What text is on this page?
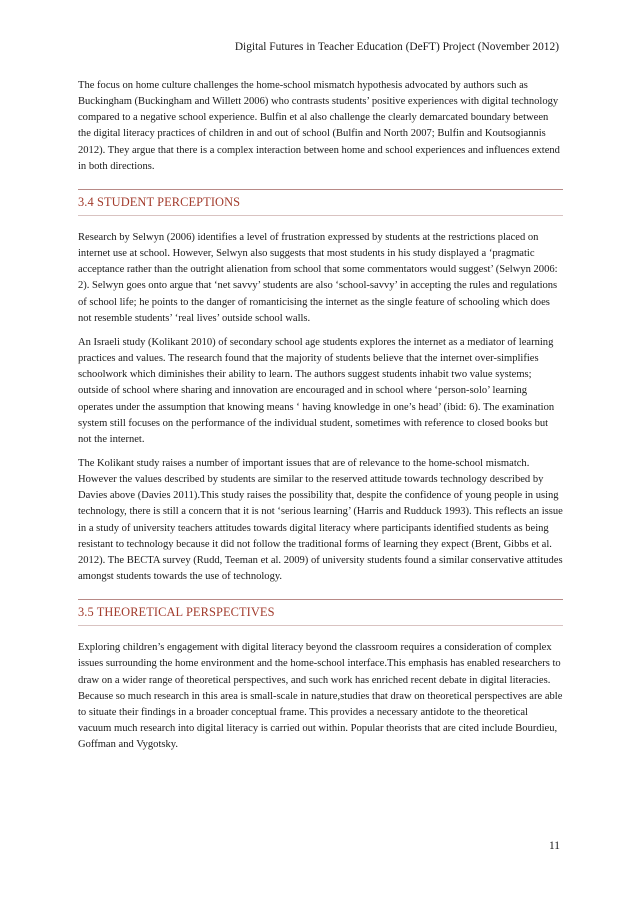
Digital Futures in Teacher Education (DeFT) Project (November 2012)

The focus on home culture challenges the home-school mismatch hypothesis advocated by authors such as Buckingham (Buckingham and Willett 2006) who contrasts students’ positive experiences with digital technology compared to a negative school experience. Bulfin et al also challenge the clearly demarcated boundary between the digital literacy practices of children in and out of school (Bulfin and North 2007; Bulfin and Koutsogiannis 2012). They argue that there is a complex interaction between home and school experiences and influences extend in both directions.

3.4 STUDENT PERCEPTIONS

Research by Selwyn (2006) identifies a level of frustration expressed by students at the restrictions placed on internet use at school. However, Selwyn also suggests that most students in his study displayed a ‘pragmatic acceptance rather than the outright alienation from school that some commentators would suggest’ (Selwyn 2006: 2). Selwyn goes onto argue that ‘net savvy’ students are also ‘school-savvy’ in accepting the rules and regulations of school life; he points to the danger of romanticising the internet as the single feature of schooling which does not resemble students’ ‘real lives’ outside school walls.

An Israeli study (Kolikant 2010) of secondary school age students explores the internet as a mediator of learning practices and values. The research found that the majority of students believe that the internet over-simplifies schoolwork which diminishes their ability to learn. The authors suggest students inhabit two value systems; outside of school where sharing and innovation are encouraged and in school where ‘person-solo’ learning operates under the assumption that knowing means ‘ having knowledge in one’s head’ (ibid: 6). The examination system still focuses on the performance of the individual student, sometimes with reference to closed books but not the internet.

The Kolikant study raises a number of important issues that are of relevance to the home-school mismatch. However the values described by students are similar to the reserved attitude towards technology described by Davies above (Davies 2011).This study raises the possibility that, despite the confidence of young people in using technology, there is still a concern that it is not ‘serious learning’ (Harris and Rudduck 1993). This reflects an issue in a study of university teachers attitudes towards digital literacy where participants identified students as being resistant to technology because it did not follow the traditional forms of learning they expect (Brent, Gibbs et al. 2012). The BECTA survey (Rudd, Teeman et al. 2009) of university students found a similar conservative attitudes amongst students towards the use of technology.

3.5 THEORETICAL PERSPECTIVES

Exploring children’s engagement with digital literacy beyond the classroom requires a consideration of complex issues surrounding the home environment and the home-school interface.This emphasis has enabled researchers to draw on a wider range of theoretical perspectives, and such work has enriched recent debate in digital literacies. Because so much research in this area is small-scale in nature,studies that draw on theoretical perspectives are able to situate their findings in a broader conceptual frame. This provides a necessary antidote to the theoretical vacuum much research into digital literacy is carried out within. Popular theorists that are cited include Bourdieu, Goffman and Vygotsky.

11
